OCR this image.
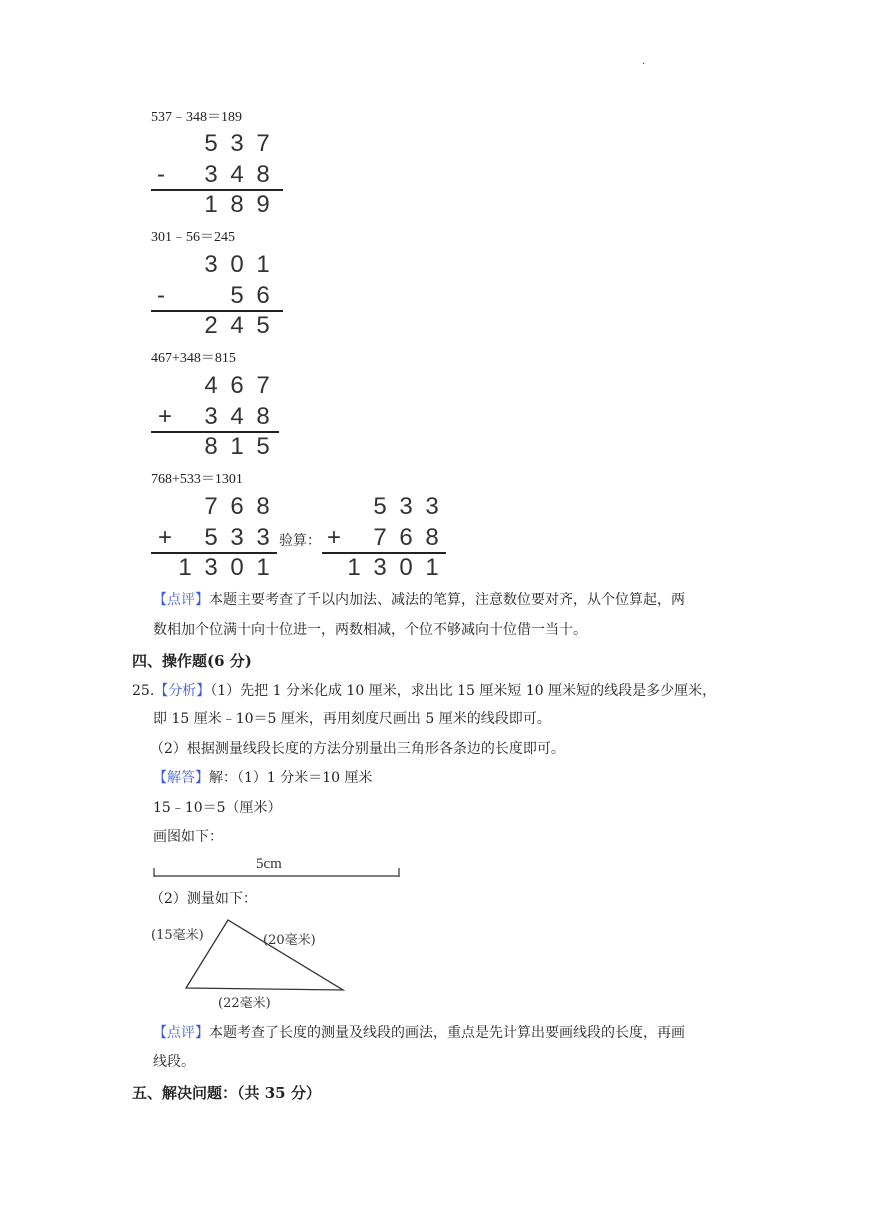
.
537﹣348＝189
5 3 7
- 3 4 8
1 8 9
301﹣56＝245
3 0 1
-	5 6
2 4 5
467+348＝815
4 6 7
+ 3 4 8
8 1 5
768+533＝1301
7 6 8
+ 5 3 3
1 3 0 1
验算：
5 3 3
+ 7 6 8
1 3 0 1
【点评】本题主要考查了千以内加法、减法的笔算，注意数位要对齐，从个位算起，两
数相加个位满十向十位进一，两数相减，个位不够减向十位借一当十。
四、操作题(6 分)
25.【分析】（1）先把 1 分米化成 10 厘米，求出比 15 厘米短 10 厘米短的线段是多少厘米，
即 15 厘米﹣10＝5 厘米，再用刻度尺画出 5 厘米的线段即可。
（2）根据测量线段长度的方法分别量出三角形各条边的长度即可。
【解答】解：（1）1 分米＝10 厘米
15﹣10＝5（厘米）
画图如下：
5cm
（2）测量如下：
(15毫米)	(20毫米)
(22毫米)
【点评】本题考查了长度的测量及线段的画法，重点是先计算出要画线段的长度，再画
线段。
五、解决问题：（共 35 分）
